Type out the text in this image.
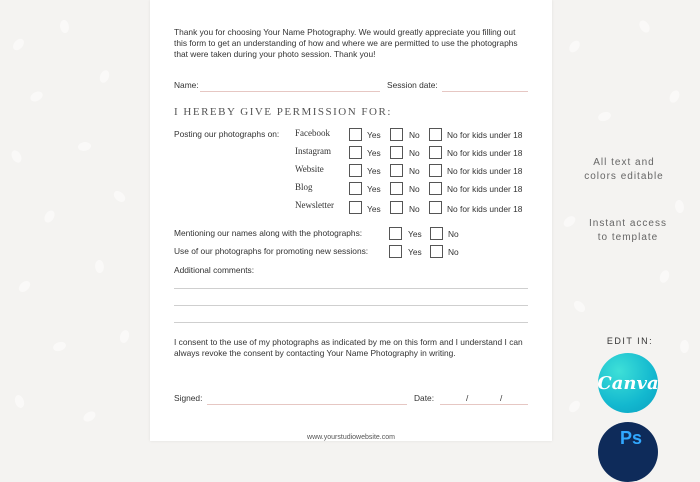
Thank you for choosing Your Name Photography. We would greatly appreciate you filling out this form to get an understanding of how and where we are permitted to use the photographs that were taken during your photo session. Thank you!
Name:	Session date:
I HEREBY GIVE PERMISSION FOR:
Posting our photographs on: Facebook	Yes	No	No for kids under 18
Instagram	Yes	No	No for kids under 18
Website	Yes	No	No for kids under 18
Blog	Yes	No	No for kids under 18
Newsletter	Yes	No	No for kids under 18
Mentioning our names along with the photographs:	Yes	No
Use of our photographs for promoting new sessions:	Yes	No
Additional comments:
I consent to the use of my photographs as indicated by me on this form and I understand I can always revoke the consent by contacting Your Name Photography in writing.
Signed:	Date:	/	/
www.yourstudiowebsite.com
All text and
colors editable
Instant access
to template
EDIT IN:
Canva
Ps
